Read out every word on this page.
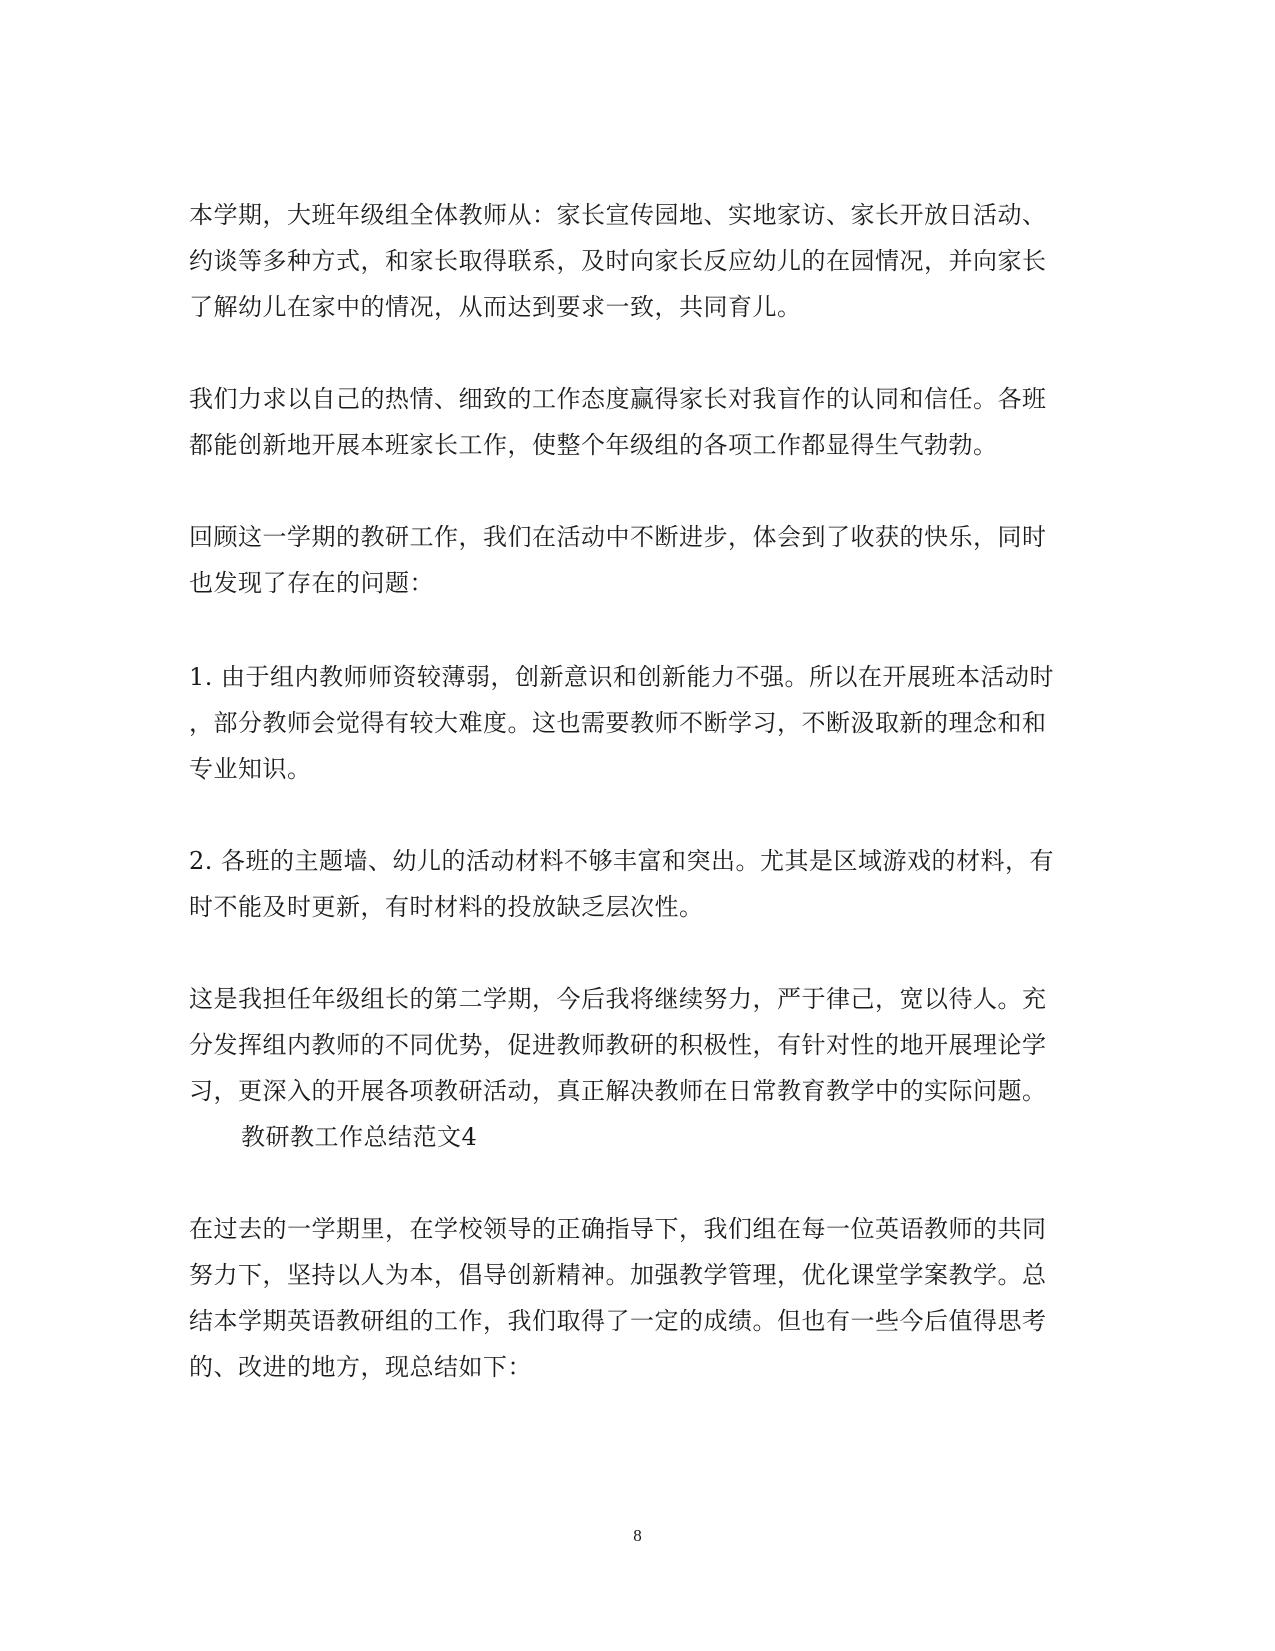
本学期，大班年级组全体教师从：家长宣传园地、实地家访、家长开放日活动、
约谈等多种方式，和家长取得联系，及时向家长反应幼儿的在园情况，并向家长
了解幼儿在家中的情况，从而达到要求一致，共同育儿。
我们力求以自己的热情、细致的工作态度赢得家长对我盲作的认同和信任。各班
都能创新地开展本班家长工作，使整个年级组的各项工作都显得生气勃勃。
回顾这一学期的教研工作，我们在活动中不断进步，体会到了收获的快乐，同时
也发现了存在的问题：
1. 由于组内教师师资较薄弱，创新意识和创新能力不强。所以在开展班本活动时
，部分教师会觉得有较大难度。这也需要教师不断学习，不断汲取新的理念和和
专业知识。
2. 各班的主题墙、幼儿的活动材料不够丰富和突出。尤其是区域游戏的材料，有
时不能及时更新，有时材料的投放缺乏层次性。
这是我担任年级组长的第二学期，今后我将继续努力，严于律己，宽以待人。充
分发挥组内教师的不同优势，促进教师教研的积极性，有针对性的地开展理论学
习，更深入的开展各项教研活动，真正解决教师在日常教育教学中的实际问题。
教研教工作总结范文4
在过去的一学期里，在学校领导的正确指导下，我们组在每一位英语教师的共同
努力下，坚持以人为本，倡导创新精神。加强教学管理，优化课堂学案教学。总
结本学期英语教研组的工作，我们取得了一定的成绩。但也有一些今后值得思考
的、改进的地方，现总结如下：
8
